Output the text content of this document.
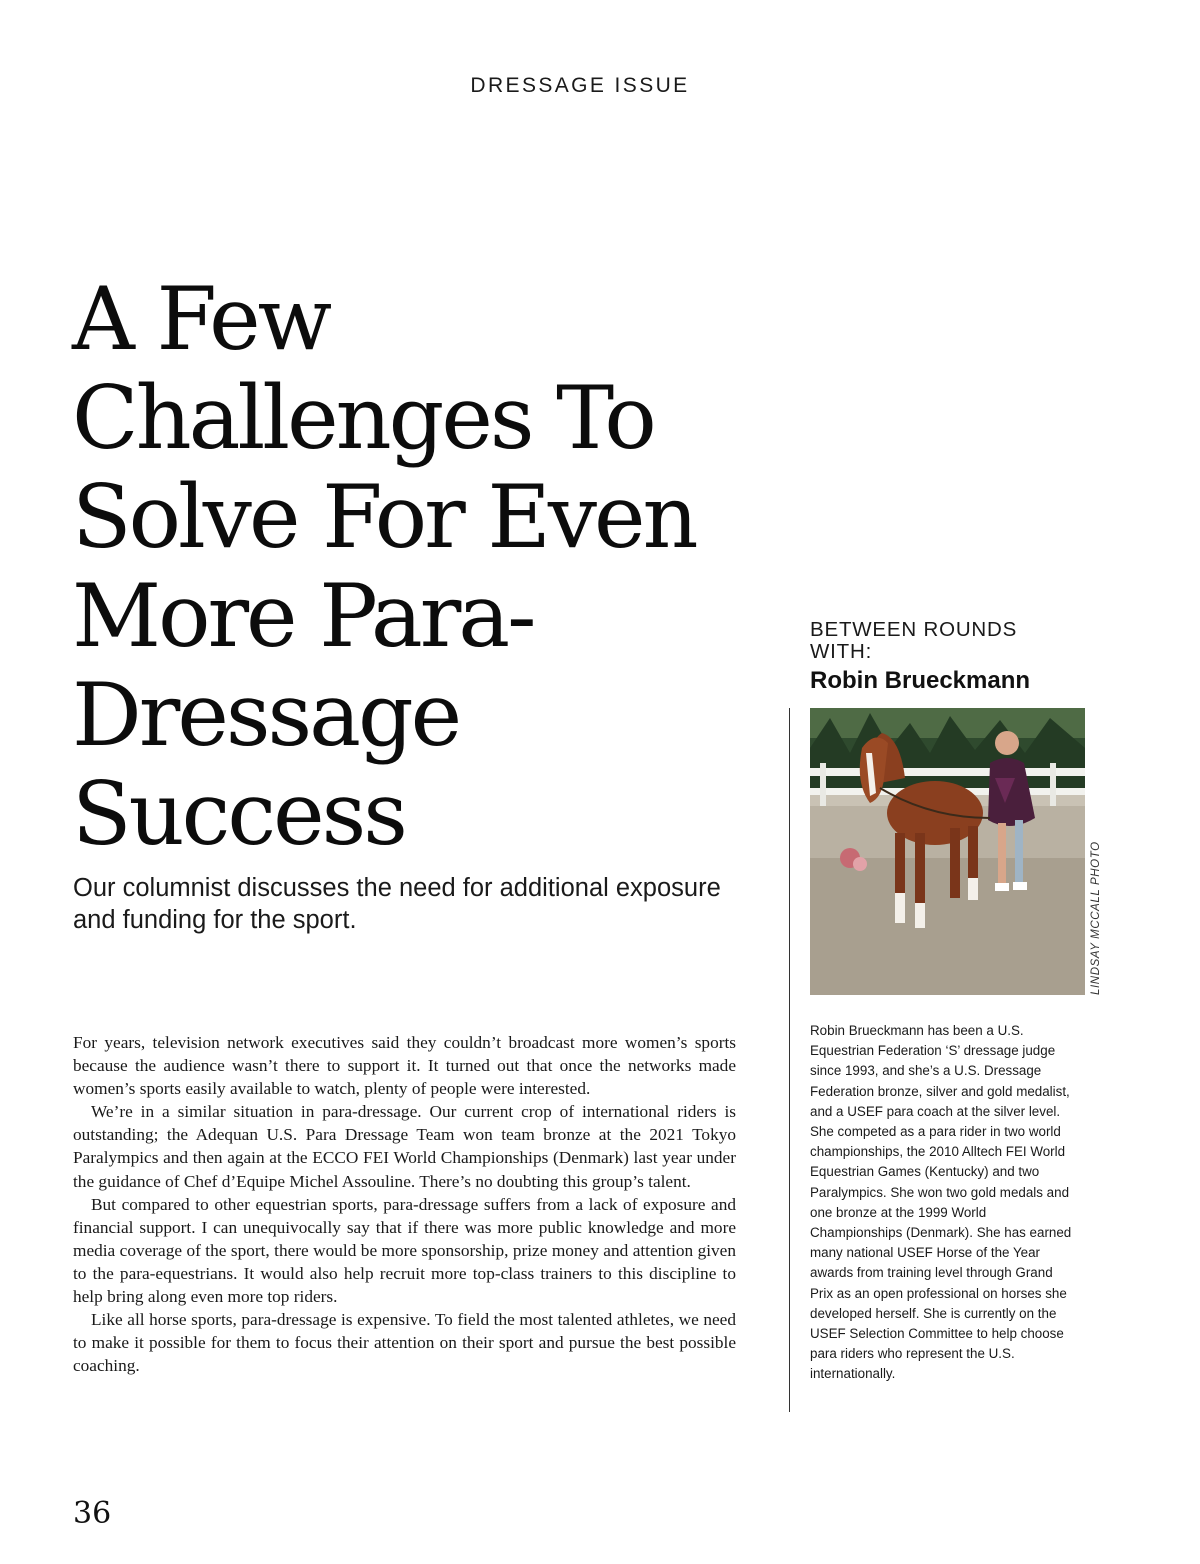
DRESSAGE ISSUE
A Few
Challenges To
Solve For Even
More Para-
Dressage
Success
Our columnist discusses the need for additional exposure and funding for the sport.

For years, television network executives said they couldn’t broadcast more women’s sports because the audience wasn’t there to support it. It turned out that once the networks made women’s sports easily available to watch, plenty of people were interested.

We’re in a similar situation in para-dressage. Our current crop of international riders is outstanding; the Adequan U.S. Para Dressage Team won team bronze at the 2021 Tokyo Paralympics and then again at the ECCO FEI World Championships (Denmark) last year under the guidance of Chef d’Equipe Michel Assouline. There’s no doubting this group’s talent.

But compared to other equestrian sports, para-dressage suffers from a lack of exposure and financial support. I can unequivocally say that if there was more public knowledge and more media coverage of the sport, there would be more sponsorship, prize money and attention given to the para-equestrians. It would also help recruit more top-class trainers to this discipline to help bring along even more top riders.

Like all horse sports, para-dressage is expensive. To field the most talented athletes, we need to make it possible for them to focus their attention on their sport and pursue the best possible coaching.

36
BETWEEN ROUNDS WITH:
Robin Brueckmann
LINDSAY MCCALL PHOTO
Robin Brueckmann has been a U.S. Equestrian Federation ‘S’ dressage judge since 1993, and she’s a U.S. Dressage Federation bronze, silver and gold medalist, and a USEF para coach at the silver level. She competed as a para rider in two world championships, the 2010 Alltech FEI World Equestrian Games (Kentucky) and two Paralympics. She won two gold medals and one bronze at the 1999 World Championships (Denmark). She has earned many national USEF Horse of the Year awards from training level through Grand Prix as an open professional on horses she developed herself. She is currently on the USEF Selection Committee to help choose para riders who represent the U.S. internationally.
